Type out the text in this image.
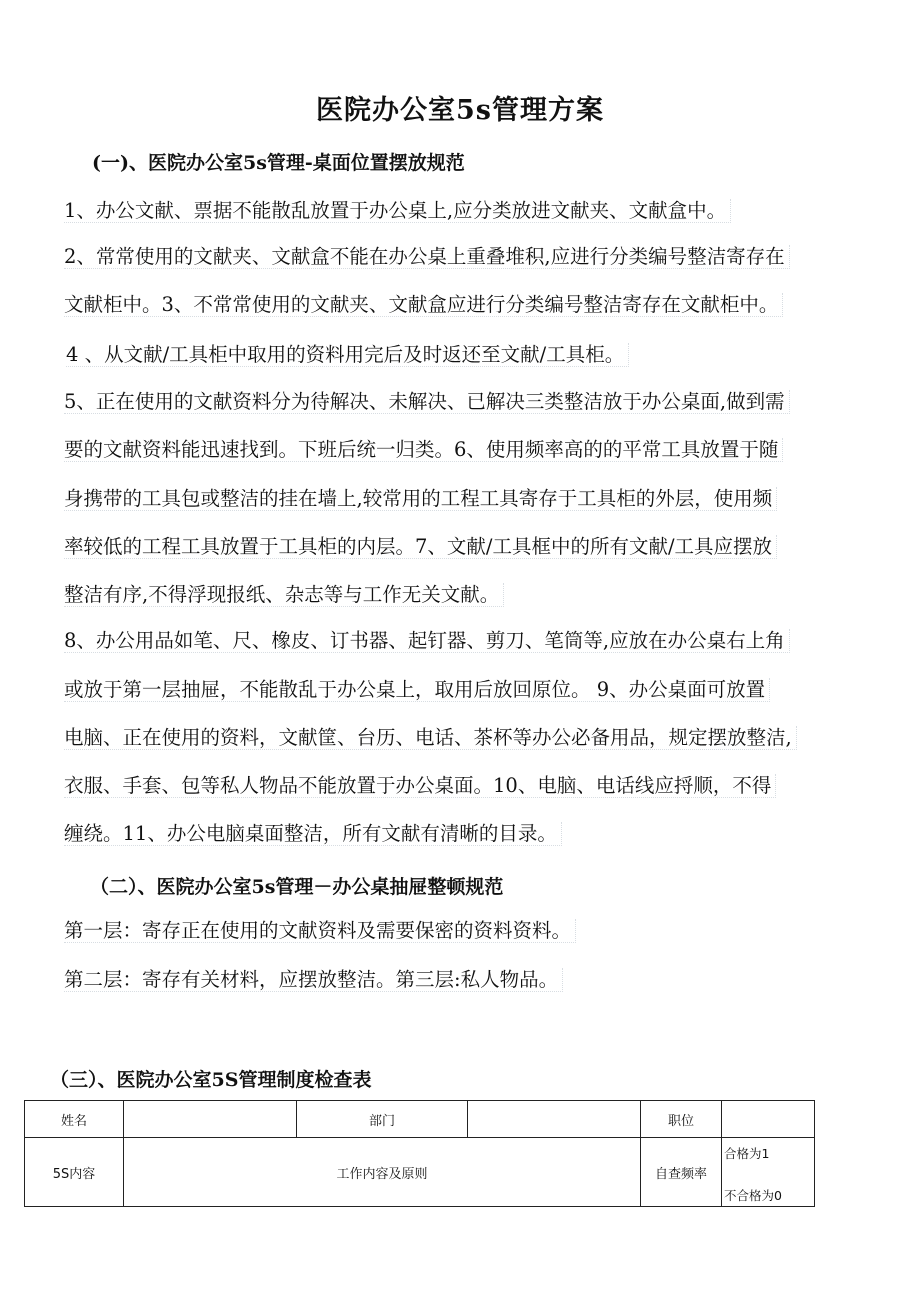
医院办公室5s管理方案
(一)、医院办公室5s管理-桌面位置摆放规范
1、办公文献、票据不能散乱放置于办公桌上,应分类放进文献夹、文献盒中。
2、常常使用的文献夹、文献盒不能在办公桌上重叠堆积,应进行分类编号整洁寄存在
文献柜中。3、不常常使用的文献夹、文献盒应进行分类编号整洁寄存在文献柜中。
4 、从文献/工具柜中取用的资料用完后及时返还至文献/工具柜。
5、正在使用的文献资料分为待解决、未解决、已解决三类整洁放于办公桌面,做到需
要的文献资料能迅速找到。下班后统一归类。6、使用频率高的的平常工具放置于随
身携带的工具包或整洁的挂在墙上,较常用的工程工具寄存于工具柜的外层，使用频
率较低的工程工具放置于工具柜的内层。7、文献/工具框中的所有文献/工具应摆放
整洁有序,不得浮现报纸、杂志等与工作无关文献。
8、办公用品如笔、尺、橡皮、订书器、起钉器、剪刀、笔筒等,应放在办公桌右上角
或放于第一层抽屉，不能散乱于办公桌上，取用后放回原位。 9、办公桌面可放置
电脑、正在使用的资料，文献筐、台历、电话、茶杯等办公必备用品，规定摆放整洁,
衣服、手套、包等私人物品不能放置于办公桌面。10、电脑、电话线应捋顺，不得
缠绕。11、办公电脑桌面整洁，所有文献有清晰的目录。
（二）、医院办公室5s管理－办公桌抽屉整顿规范
第一层：寄存正在使用的文献资料及需要保密的资料资料。
第二层：寄存有关材料，应摆放整洁。第三层:私人物品。
（三）、医院办公室5S管理制度检查表
姓名		部门		职位	
5S内容	工作内容及原则			自查频率	合格为1
不合格为0
